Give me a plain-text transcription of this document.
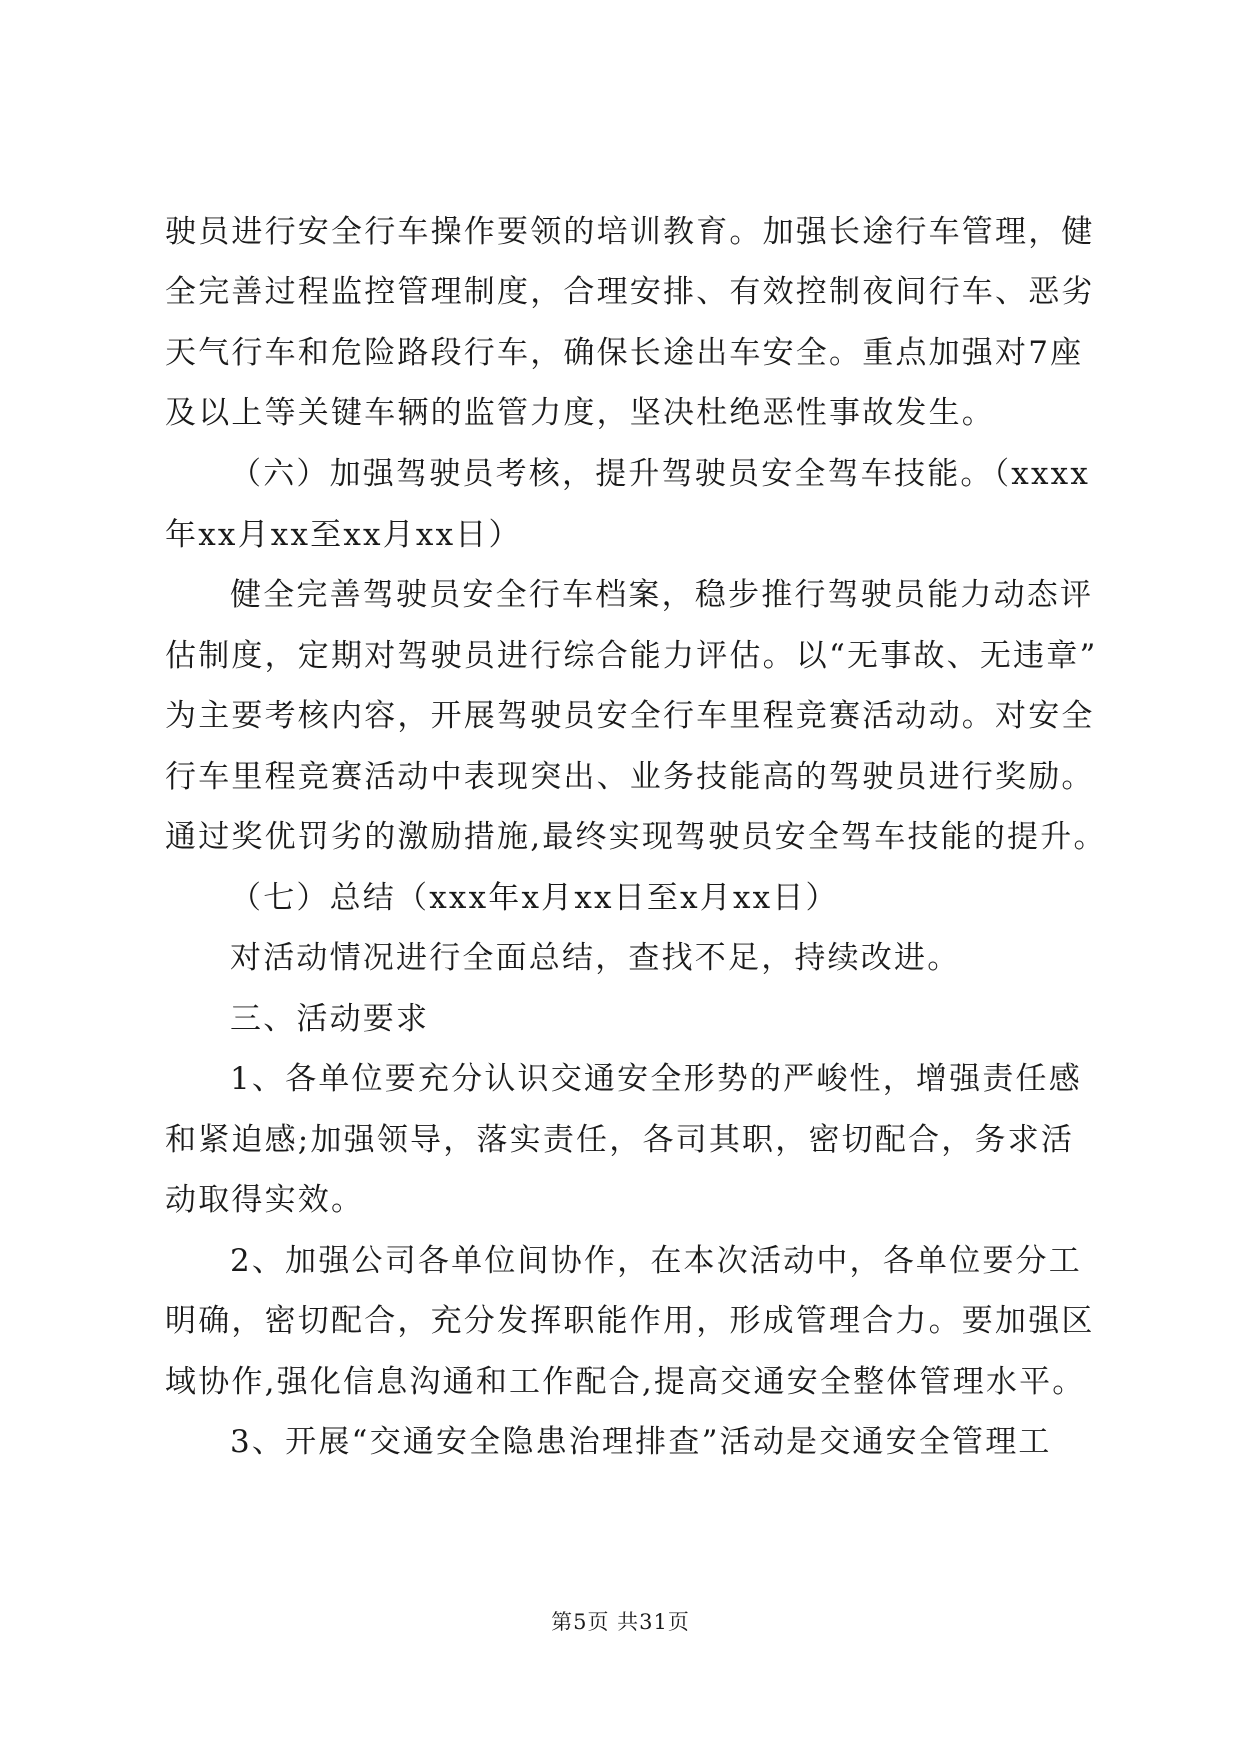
驶员进行安全行车操作要领的培训教育。加强长途行车管理，健
全完善过程监控管理制度，合理安排、有效控制夜间行车、恶劣
天气行车和危险路段行车，确保长途出车安全。重点加强对7座
及以上等关键车辆的监管力度，坚决杜绝恶性事故发生。
（六）加强驾驶员考核，提升驾驶员安全驾车技能。（xxxx
年xx月xx至xx月xx日）
健全完善驾驶员安全行车档案，稳步推行驾驶员能力动态评
估制度，定期对驾驶员进行综合能力评估。以“无事故、无违章”
为主要考核内容，开展驾驶员安全行车里程竞赛活动动。对安全
行车里程竞赛活动中表现突出、业务技能高的驾驶员进行奖励。
通过奖优罚劣的激励措施,最终实现驾驶员安全驾车技能的提升。
（七）总结（xxx年x月xx日至x月xx日）
对活动情况进行全面总结，查找不足，持续改进。
三、活动要求
1、各单位要充分认识交通安全形势的严峻性，增强责任感
和紧迫感;加强领导，落实责任，各司其职，密切配合，务求活
动取得实效。
2、加强公司各单位间协作，在本次活动中，各单位要分工
明确，密切配合，充分发挥职能作用，形成管理合力。要加强区
域协作,强化信息沟通和工作配合,提高交通安全整体管理水平。
3、开展“交通安全隐患治理排查”活动是交通安全管理工
第5页 共31页
